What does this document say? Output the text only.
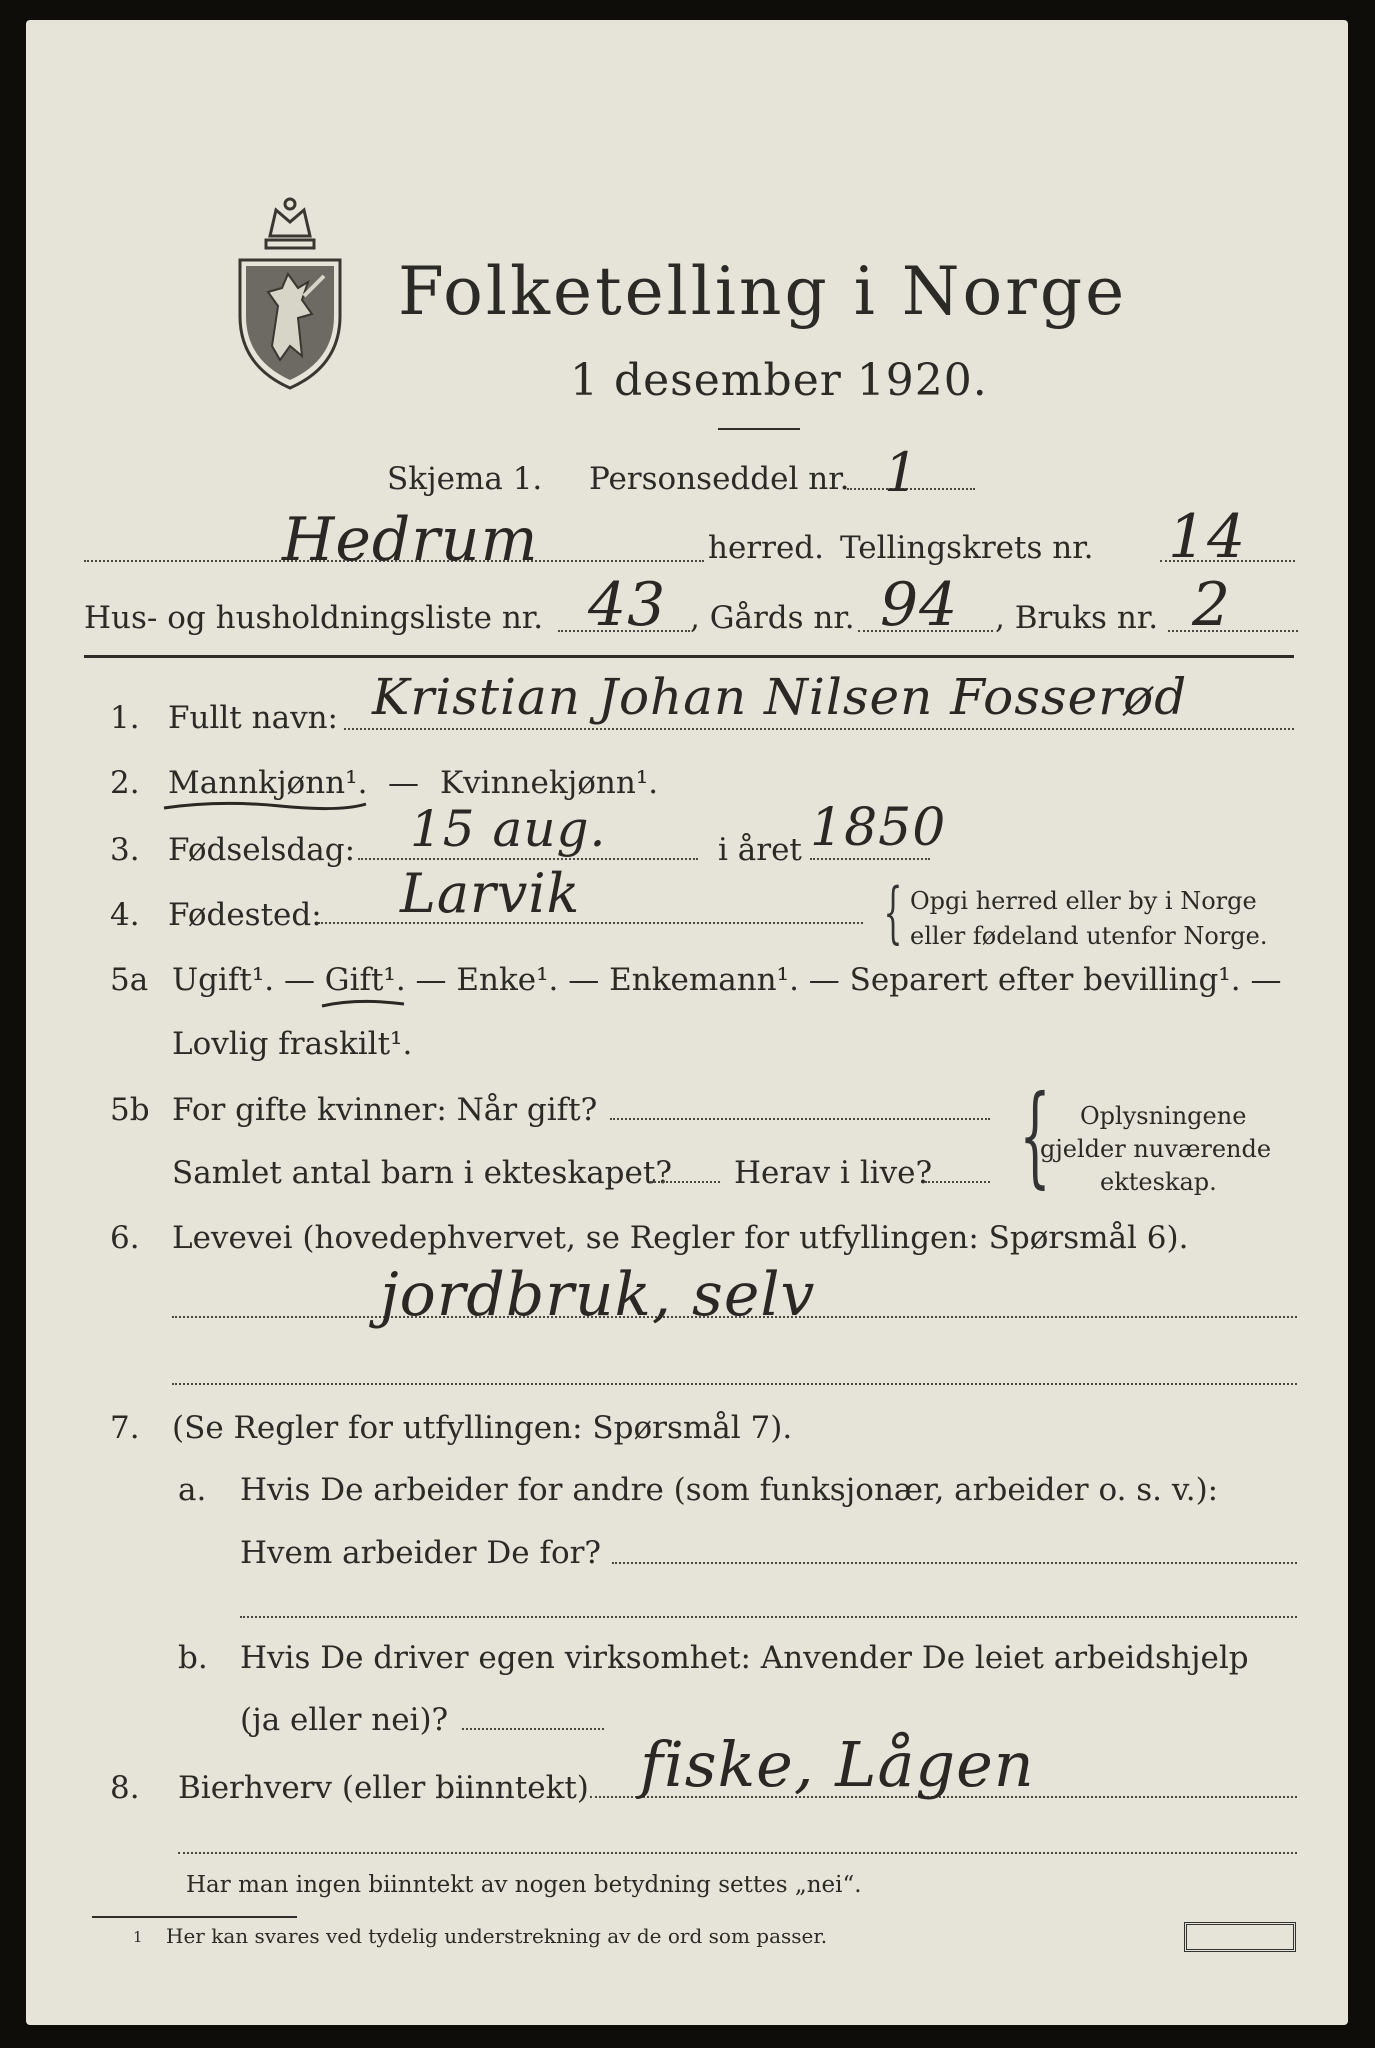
Folketelling i Norge
1 desember 1920.
Skjema 1. Personseddel nr. 1
Hedrum	herred. Tellingskrets nr. 14
Hus- og husholdningsliste nr. 43 , Gårds nr. 94 , Bruks nr. 2
1. Fullt navn: Kristian Johan Nilsen Fosserød
2. Mannkjønn¹. — Kvinnekjønn¹.
3. Fødselsdag: 15 aug.	i året 1850
4. Fødested: Larvik	{ Opgi herred eller by i Norge
eller fødeland utenfor Norge.
5a Ugift¹. — Gift¹. — Enke¹. — Enkemann¹. — Separert efter bevilling¹. —
Lovlig fraskilt¹.
5b For gifte kvinner: Når gift?
Samlet antal barn i ekteskapet? Herav i live? { Oplysningene
gjelder nuværende
ekteskap.
6. Levevei (hovedерhvervet, se Regler for utfyllingen: Spørsmål 6).
jordbruk, selv
7. (Se Regler for utfyllingen: Spørsmål 7).
a. Hvis De arbeider for andre (som funksjonær, arbeider o. s. v.):
Hvem arbeider De for?
b. Hvis De driver egen virksomhet: Anvender De leiet arbeidshjelp
(ja eller nei)?
8. Bierhverv (eller biinntekt) fiske, Lågen
Har man ingen biinntekt av nogen betydning settes „nei“.
1 Her kan svares ved tydelig understrekning av de ord som passer.
